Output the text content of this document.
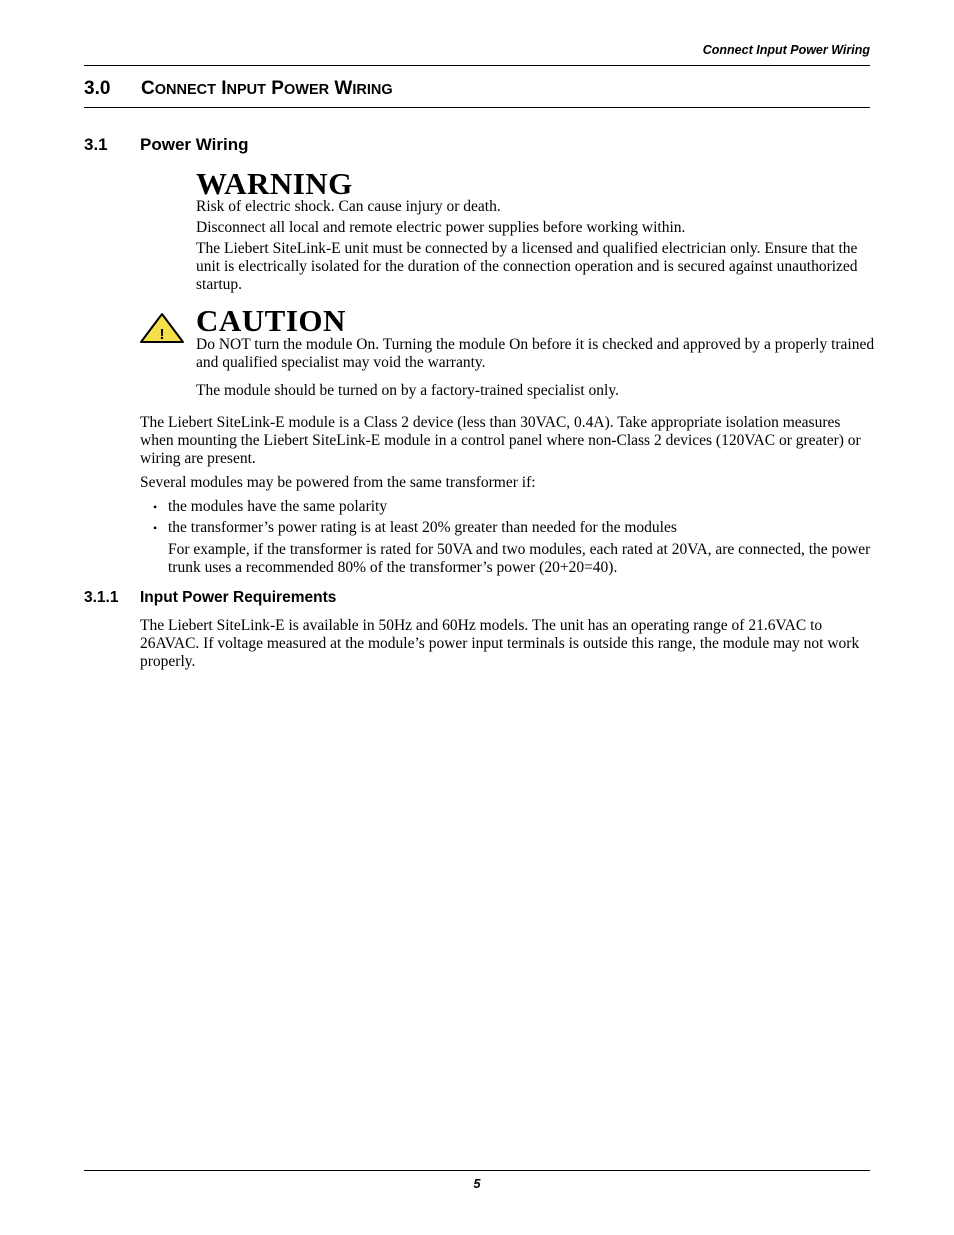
Connect Input Power Wiring
3.0 CONNECT INPUT POWER WIRING
3.1 Power Wiring
WARNING

Risk of electric shock. Can cause injury or death.

Disconnect all local and remote electric power supplies before working within.

The Liebert SiteLink-E unit must be connected by a licensed and qualified electrician only. Ensure that the unit is electrically isolated for the duration of the connection operation and is secured against unauthorized startup.

! CAUTION

Do NOT turn the module On. Turning the module On before it is checked and approved by a properly trained and qualified specialist may void the warranty.

The module should be turned on by a factory-trained specialist only.

The Liebert SiteLink-E module is a Class 2 device (less than 30VAC, 0.4A). Take appropriate isolation measures when mounting the Liebert SiteLink-E module in a control panel where non-Class 2 devices (120VAC or greater) or wiring are present.
Several modules may be powered from the same transformer if:
• the modules have the same polarity
• the transformer’s power rating is at least 20% greater than needed for the modules
For example, if the transformer is rated for 50VA and two modules, each rated at 20VA, are connected, the power trunk uses a recommended 80% of the transformer’s power (20+20=40).
3.1.1 Input Power Requirements
The Liebert SiteLink-E is available in 50Hz and 60Hz models. The unit has an operating range of 21.6VAC to 26AVAC. If voltage measured at the module’s power input terminals is outside this range, the module may not work properly.
5
